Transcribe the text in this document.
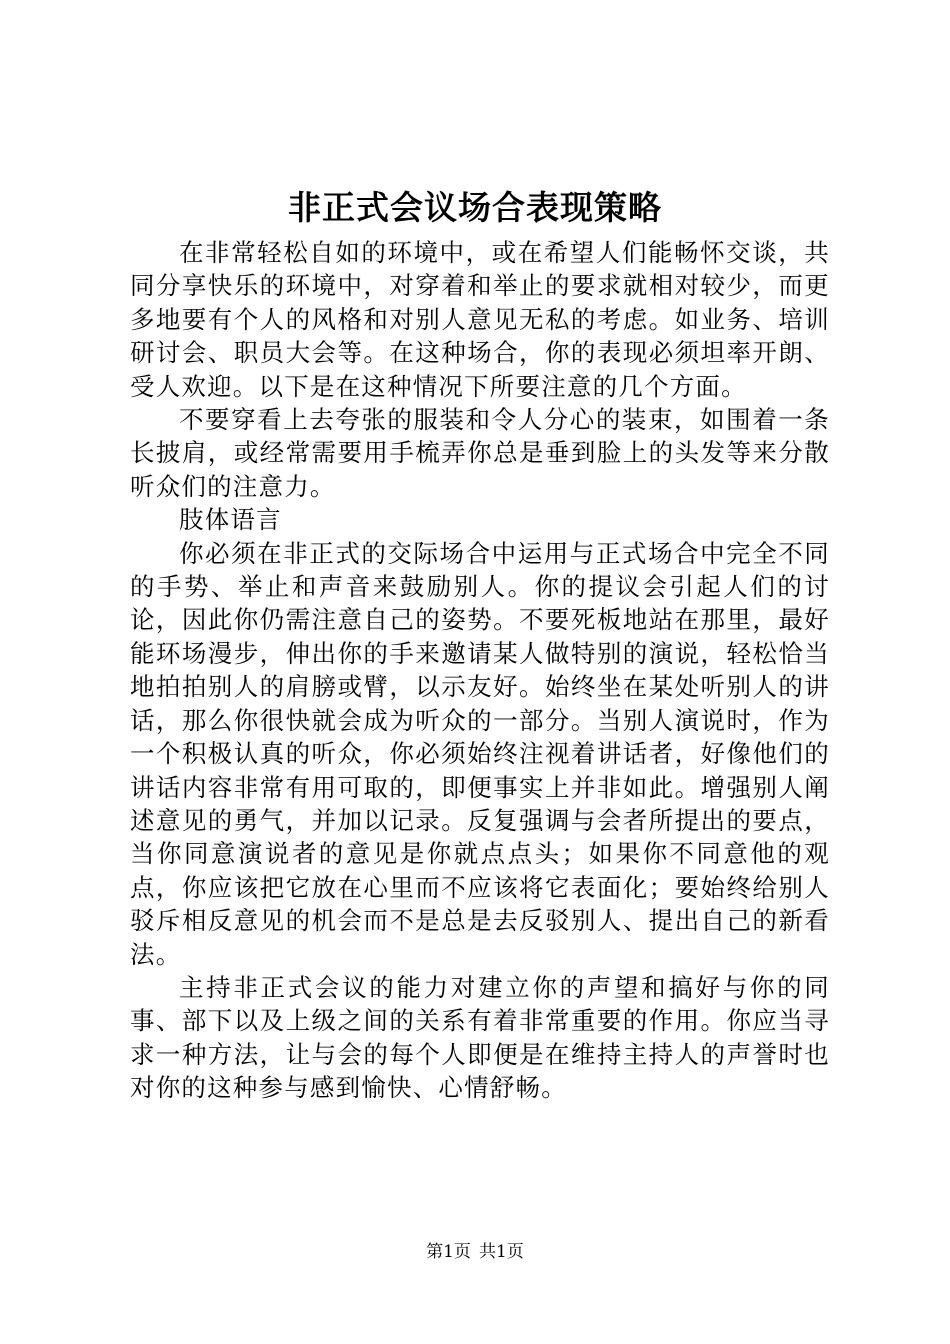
非正式会议场合表现策略

在非常轻松自如的环境中，或在希望人们能畅怀交谈，共同分享快乐的环境中，对穿着和举止的要求就相对较少，而更多地要有个人的风格和对别人意见无私的考虑。如业务、培训研讨会、职员大会等。在这种场合，你的表现必须坦率开朗、受人欢迎。以下是在这种情况下所要注意的几个方面。

不要穿看上去夸张的服装和令人分心的装束，如围着一条长披肩，或经常需要用手梳弄你总是垂到脸上的头发等来分散听众们的注意力。

肢体语言

你必须在非正式的交际场合中运用与正式场合中完全不同的手势、举止和声音来鼓励别人。你的提议会引起人们的讨论，因此你仍需注意自己的姿势。不要死板地站在那里，最好能环场漫步，伸出你的手来邀请某人做特别的演说，轻松恰当地拍拍别人的肩膀或臂，以示友好。始终坐在某处听别人的讲话，那么你很快就会成为听众的一部分。当别人演说时，作为一个积极认真的听众，你必须始终注视着讲话者，好像他们的讲话内容非常有用可取的，即便事实上并非如此。增强别人阐述意见的勇气，并加以记录。反复强调与会者所提出的要点，当你同意演说者的意见是你就点点头；如果你不同意他的观点，你应该把它放在心里而不应该将它表面化；要始终给别人驳斥相反意见的机会而不是总是去反驳别人、提出自己的新看法。

主持非正式会议的能力对建立你的声望和搞好与你的同事、部下以及上级之间的关系有着非常重要的作用。你应当寻求一种方法，让与会的每个人即便是在维持主持人的声誉时也对你的这种参与感到愉快、心情舒畅。

第1页 共1页
